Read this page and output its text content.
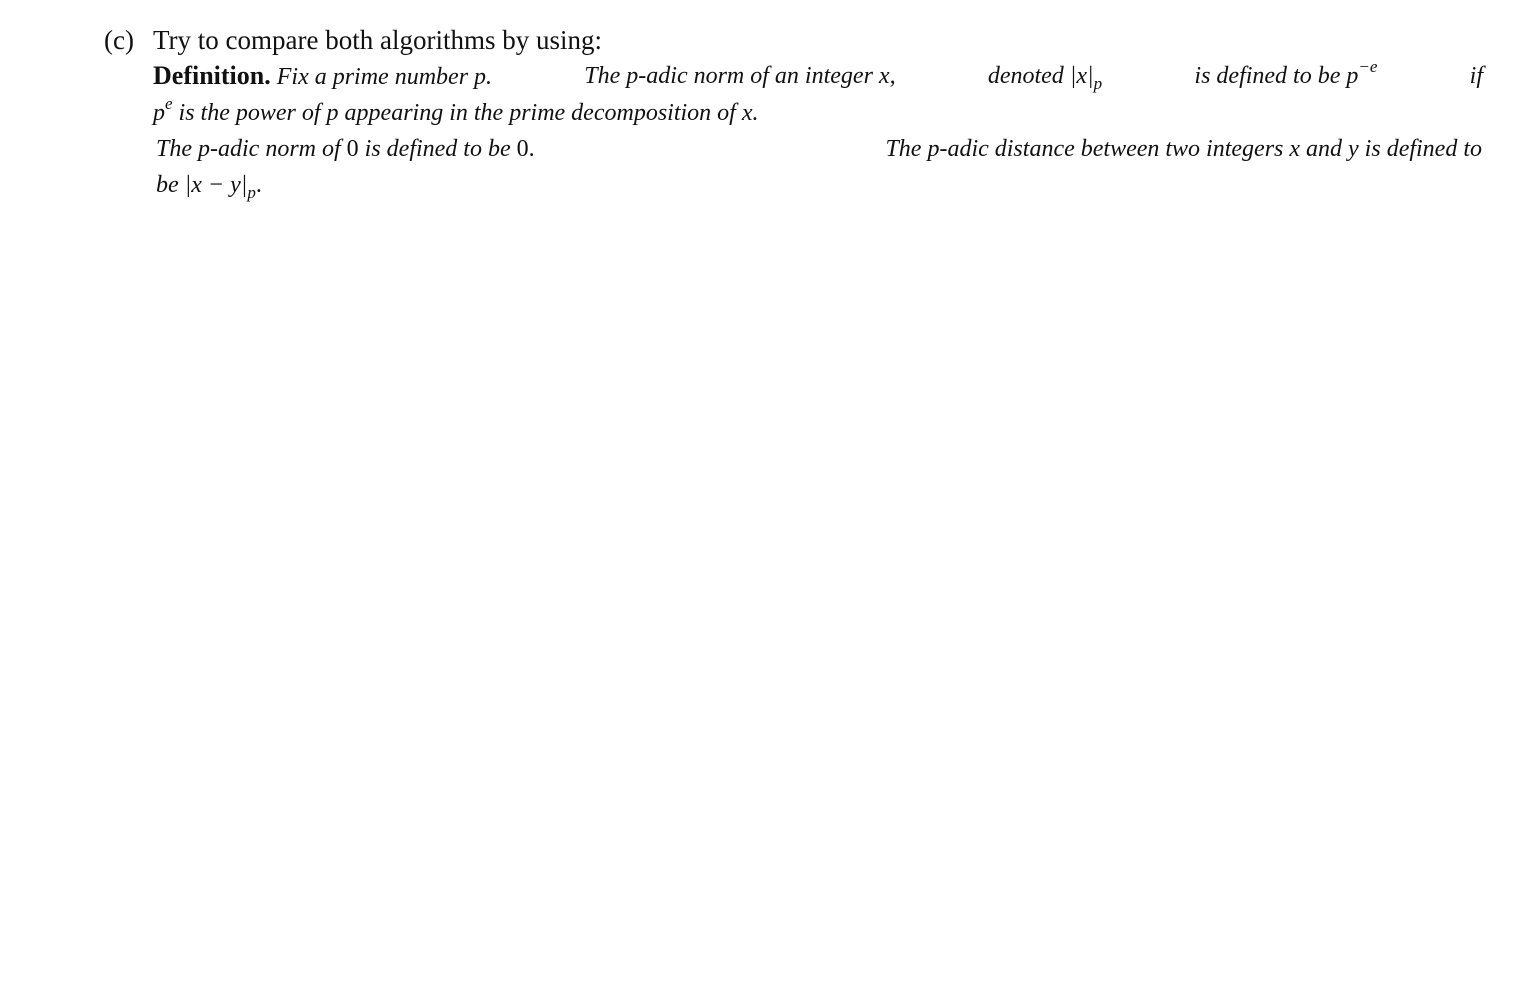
(c) Try to compare both algorithms by using:
Definition. Fix a prime number p.	The p-adic norm of an integer x,	denoted $|x|_p$	is defined to be $p^{-e}$	if
$p^e$ is the power of p appearing in the prime decomposition of x.
The p-adic norm of 0 is defined to be 0.	The p-adic distance between two integers x and y is defined to
be $|x - y|_p$.
